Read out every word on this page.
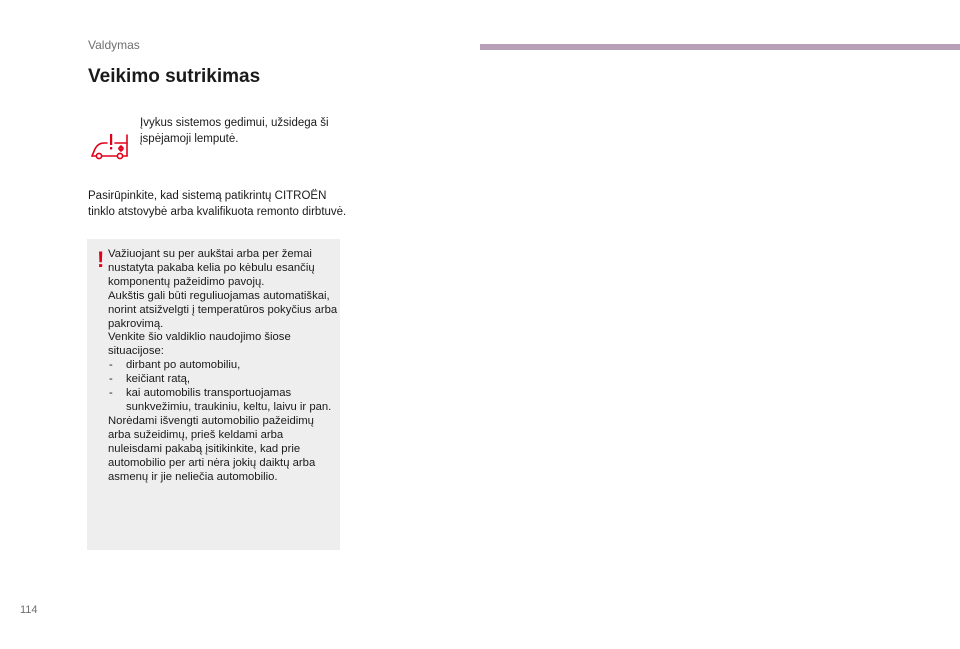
Valdymas
Veikimo sutrikimas
Įvykus sistemos gedimui, užsidega ši įspėjamoji lemputė.
Pasirūpinkite, kad sistemą patikrintų CITROËN tinklo atstovybė arba kvalifikuota remonto dirbtuvė.
! Važiuojant su per aukštai arba per žemai nustatyta pakaba kelia po kėbulu esančių komponentų pažeidimo pavojų.

Aukštis gali būti reguliuojamas automatiškai, norint atsižvelgti į temperatūros pokyčius arba pakrovimą.

Venkite šio valdiklio naudojimo šiose situacijose:

- dirbant po automobiliu,
- keičiant ratą,
- kai automobilis transportuojamas sunkvežimiu, traukiniu, keltu, laivu ir pan.

Norėdami išvengti automobilio pažeidimų arba sužeidimų, prieš keldami arba nuleisdami pakabą įsitikinkite, kad prie automobilio per arti nėra jokių daiktų arba asmenų ir jie neliečia automobilio.

114
